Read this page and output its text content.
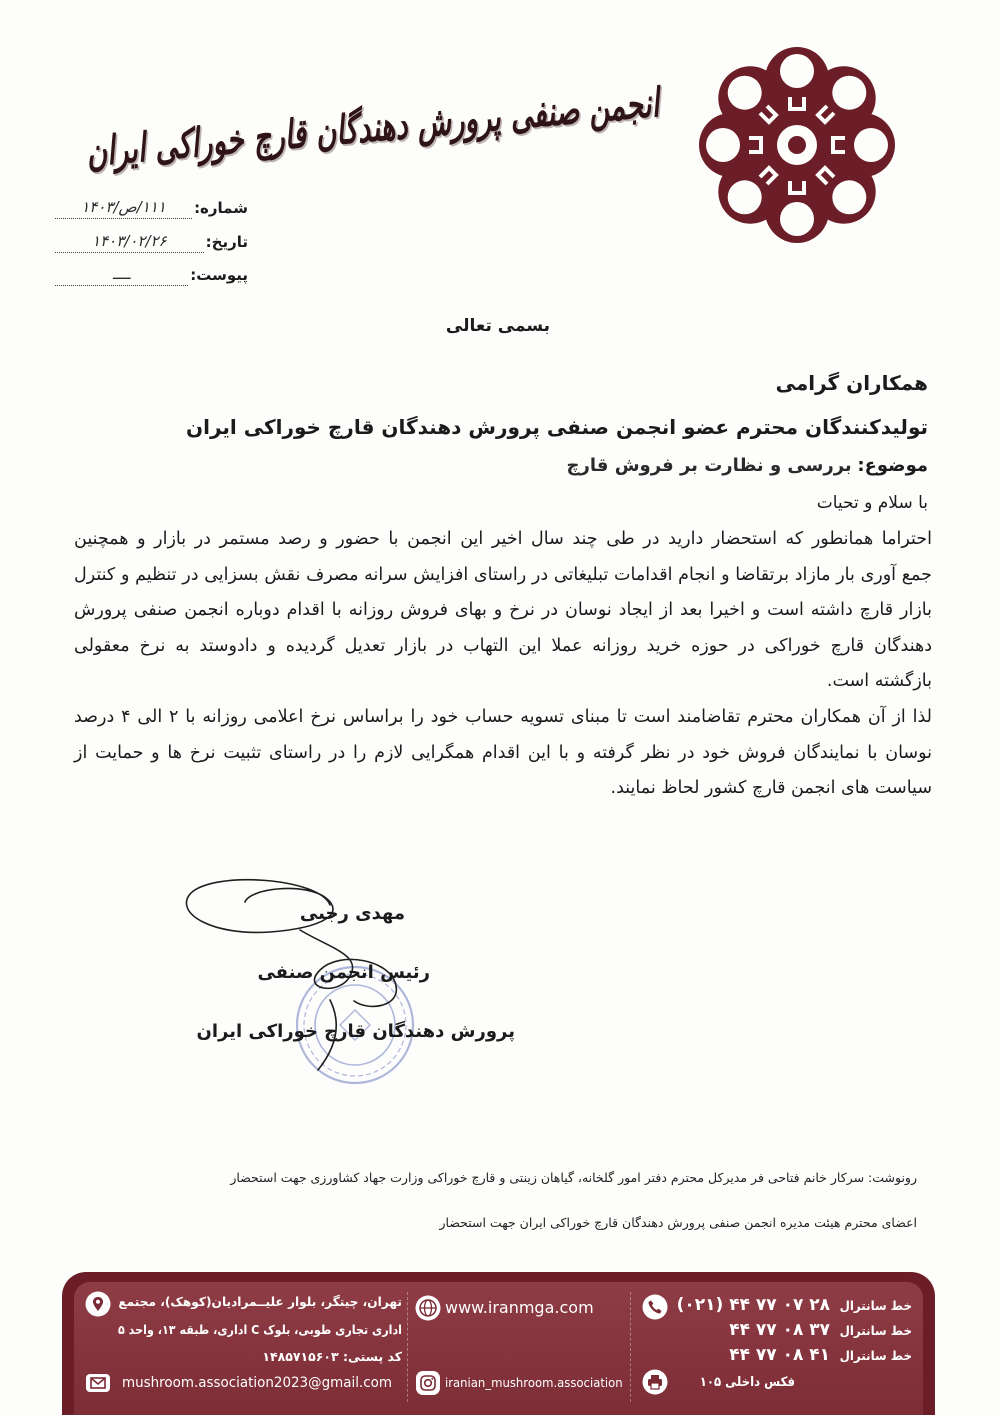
انجمن صنفی پرورش دهندگان قارچ خوراکی ایران
شماره:
۱۱۱/ص/۱۴۰۳
تاریخ:
۱۴۰۳/۰۲/۲۶
پیوست:
ــــ
بسمی تعالی
همکاران گرامی
تولیدکنندگان محترم عضو انجمن صنفی پرورش دهندگان قارچ خوراکی ایران
موضوع: بررسی و نظارت بر فروش قارچ
با سلام و تحیات
احتراما همانطور که استحضار دارید در طی چند سال اخیر این انجمن با حضور و رصد مستمر در بازار و همچنین
جمع آوری بار مازاد برتقاضا و انجام اقدامات تبلیغاتی در راستای افزایش سرانه مصرف نقش بسزایی در تنظیم و کنترل
بازار قارچ داشته است و اخیرا بعد از ایجاد نوسان در نرخ و بهای فروش روزانه با اقدام دوباره انجمن صنفی پرورش
دهندگان قارچ خوراکی در حوزه خرید روزانه عملا این التهاب در بازار تعدیل گردیده و دادوستد به نرخ معقولی
بازگشته است.
لذا از آن همکاران محترم تقاضامند است تا مبنای تسویه حساب خود را براساس نرخ اعلامی روزانه با ۲ الی ۴ درصد
نوسان با نمایندگان فروش خود در نظر گرفته و با این اقدام همگرایی لازم را در راستای تثبیت نرخ ها و حمایت از
سیاست های انجمن قارچ کشور لحاظ نمایند.
مهدی رجبی
رئیس انجمن صنفی
پرورش دهندگان قارچ خوراکی ایران
رونوشت: سرکار خانم فتاحی فر مدیرکل محترم دفتر امور گلخانه، گیاهان زینتی و قارچ خوراکی وزارت جهاد کشاورزی جهت استحضار
اعضای محترم هیئت مدیره انجمن صنفی پرورش دهندگان قارچ خوراکی ایران جهت استحضار
تهران، چیتگر، بلوار علیــمرادیان(کوهک)، مجتمع
اداری تجاری طوبی، بلوک C اداری، طبقه ۱۳، واحد ۵
کد پستی: ۱۴۸۵۷۱۵۶۰۳
mushroom.association2023@gmail.com
www.iranmga.com
iranian_mushroom.association
خط سانترال
(۰۲۱) ۴۴ ۷۷ ۰۷ ۲۸
خط سانترال
۴۴ ۷۷ ۰۸ ۳۷
خط سانترال
۴۴ ۷۷ ۰۸ ۴۱
فکس داخلی ۱۰۵
